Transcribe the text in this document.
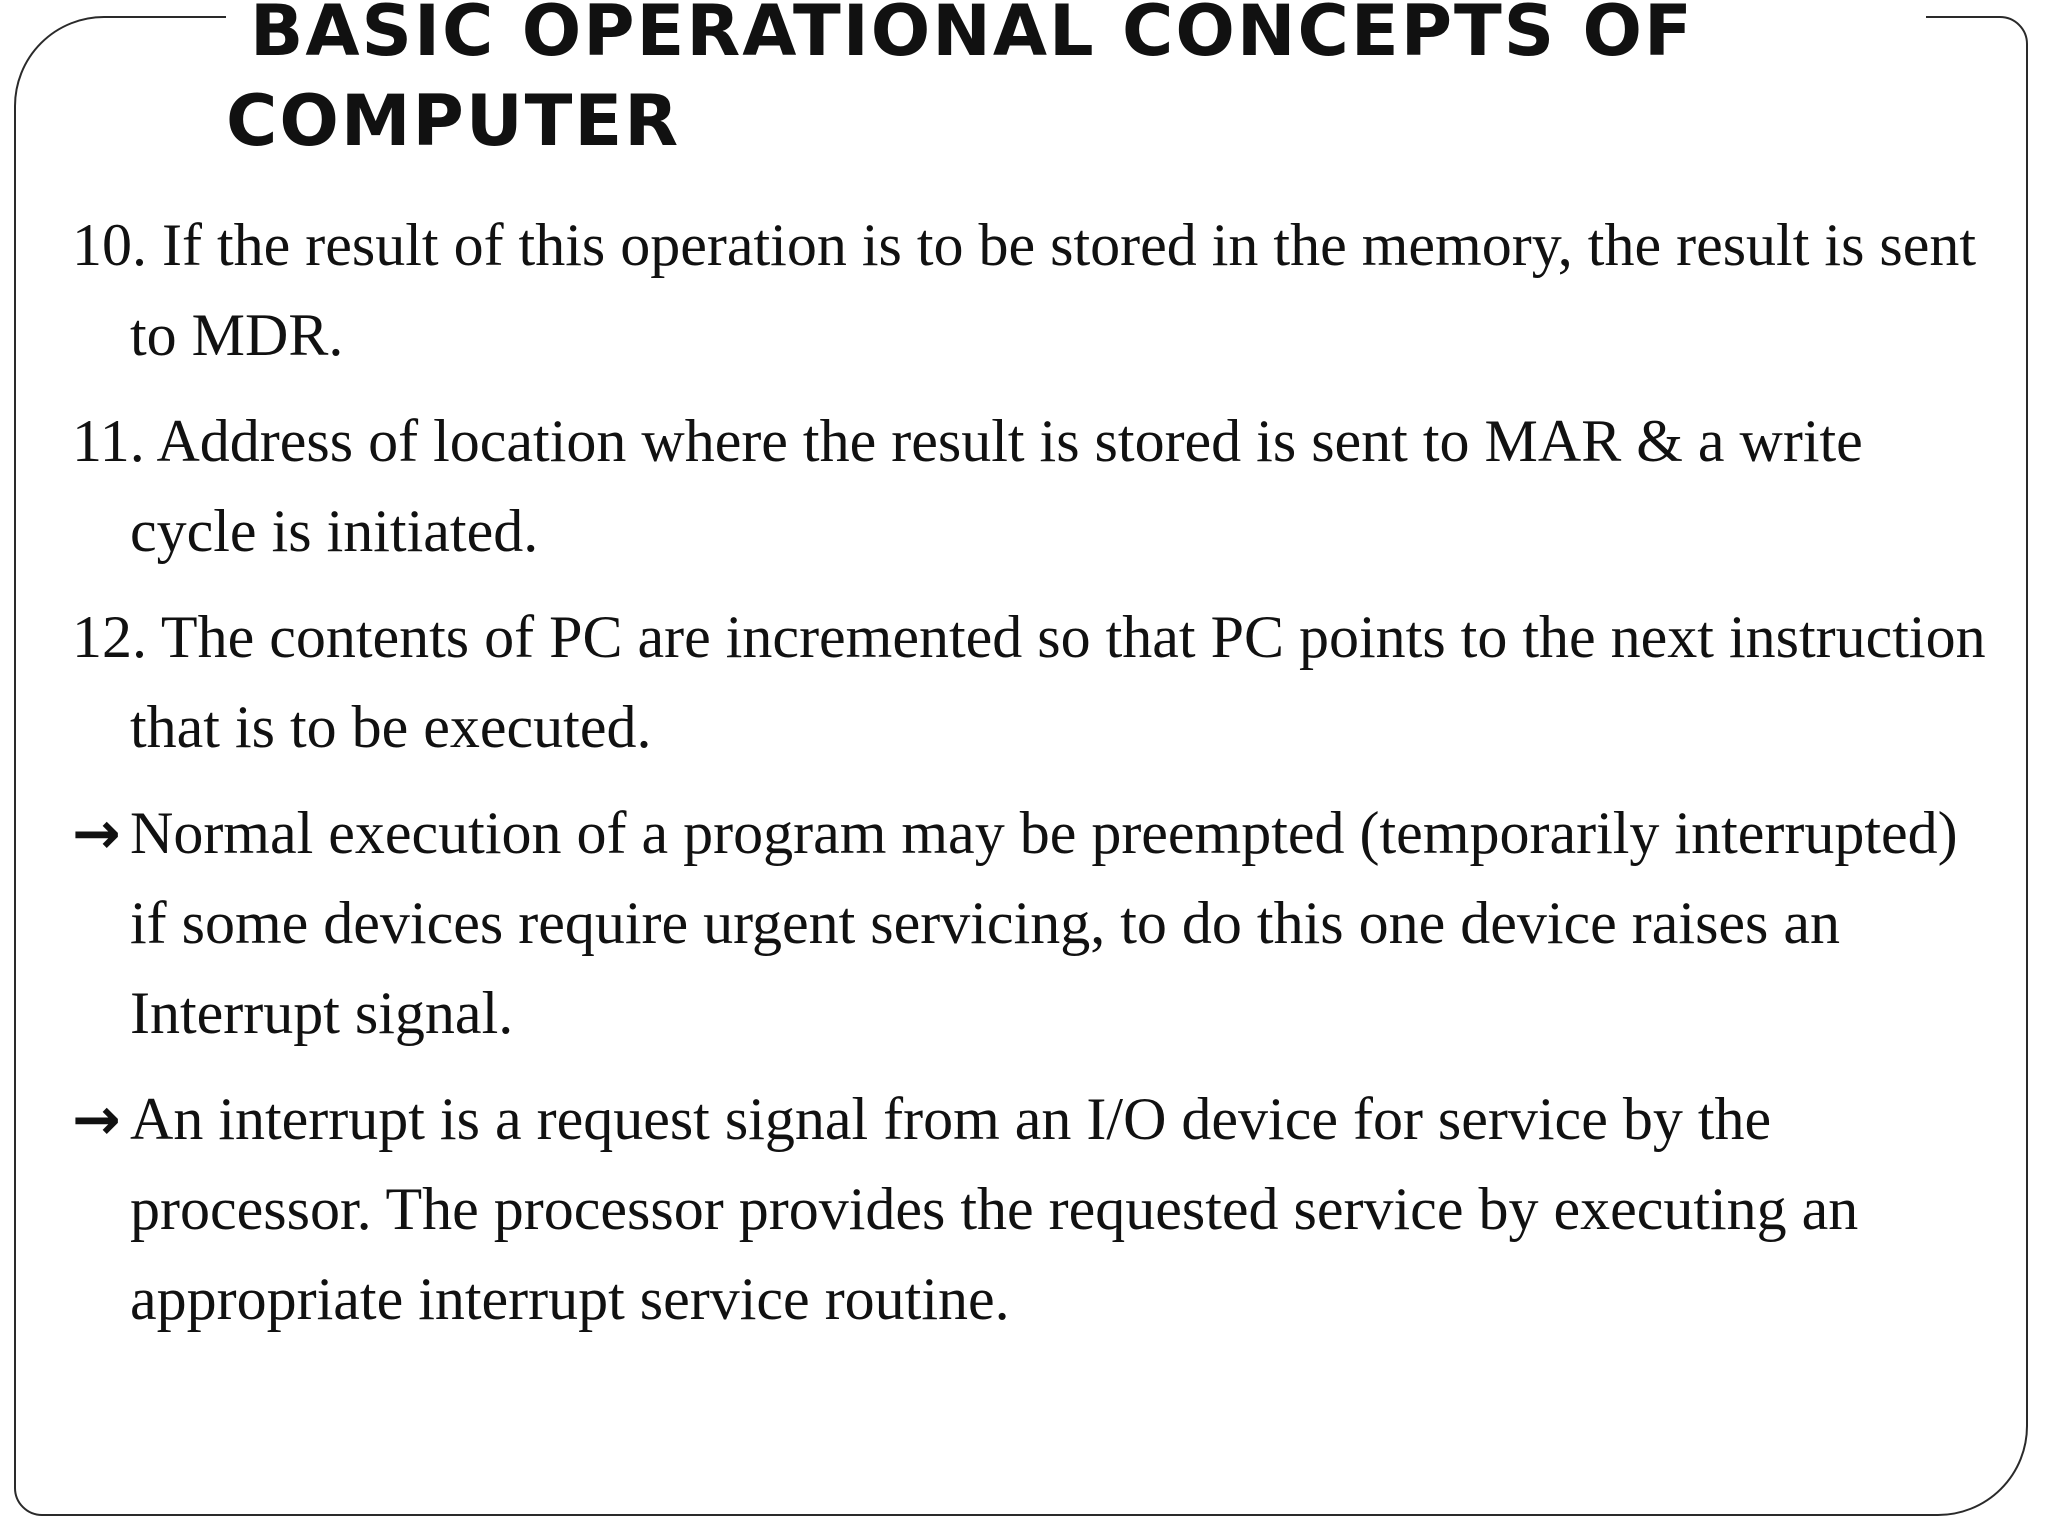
BASIC OPERATIONAL CONCEPTS OF
COMPUTER
10. If the result of this operation is to be stored in the memory, the result is sent to MDR.
11. Address of location where the result is stored is sent to MAR & a write cycle is initiated.
12. The contents of PC are incremented so that PC points to the next instruction that is to be executed.
→ Normal execution of a program may be preempted (temporarily interrupted) if some devices require urgent servicing, to do this one device raises an Interrupt signal.
→ An interrupt is a request signal from an I/O device for service by the processor. The processor provides the requested service by executing an appropriate interrupt service routine.
